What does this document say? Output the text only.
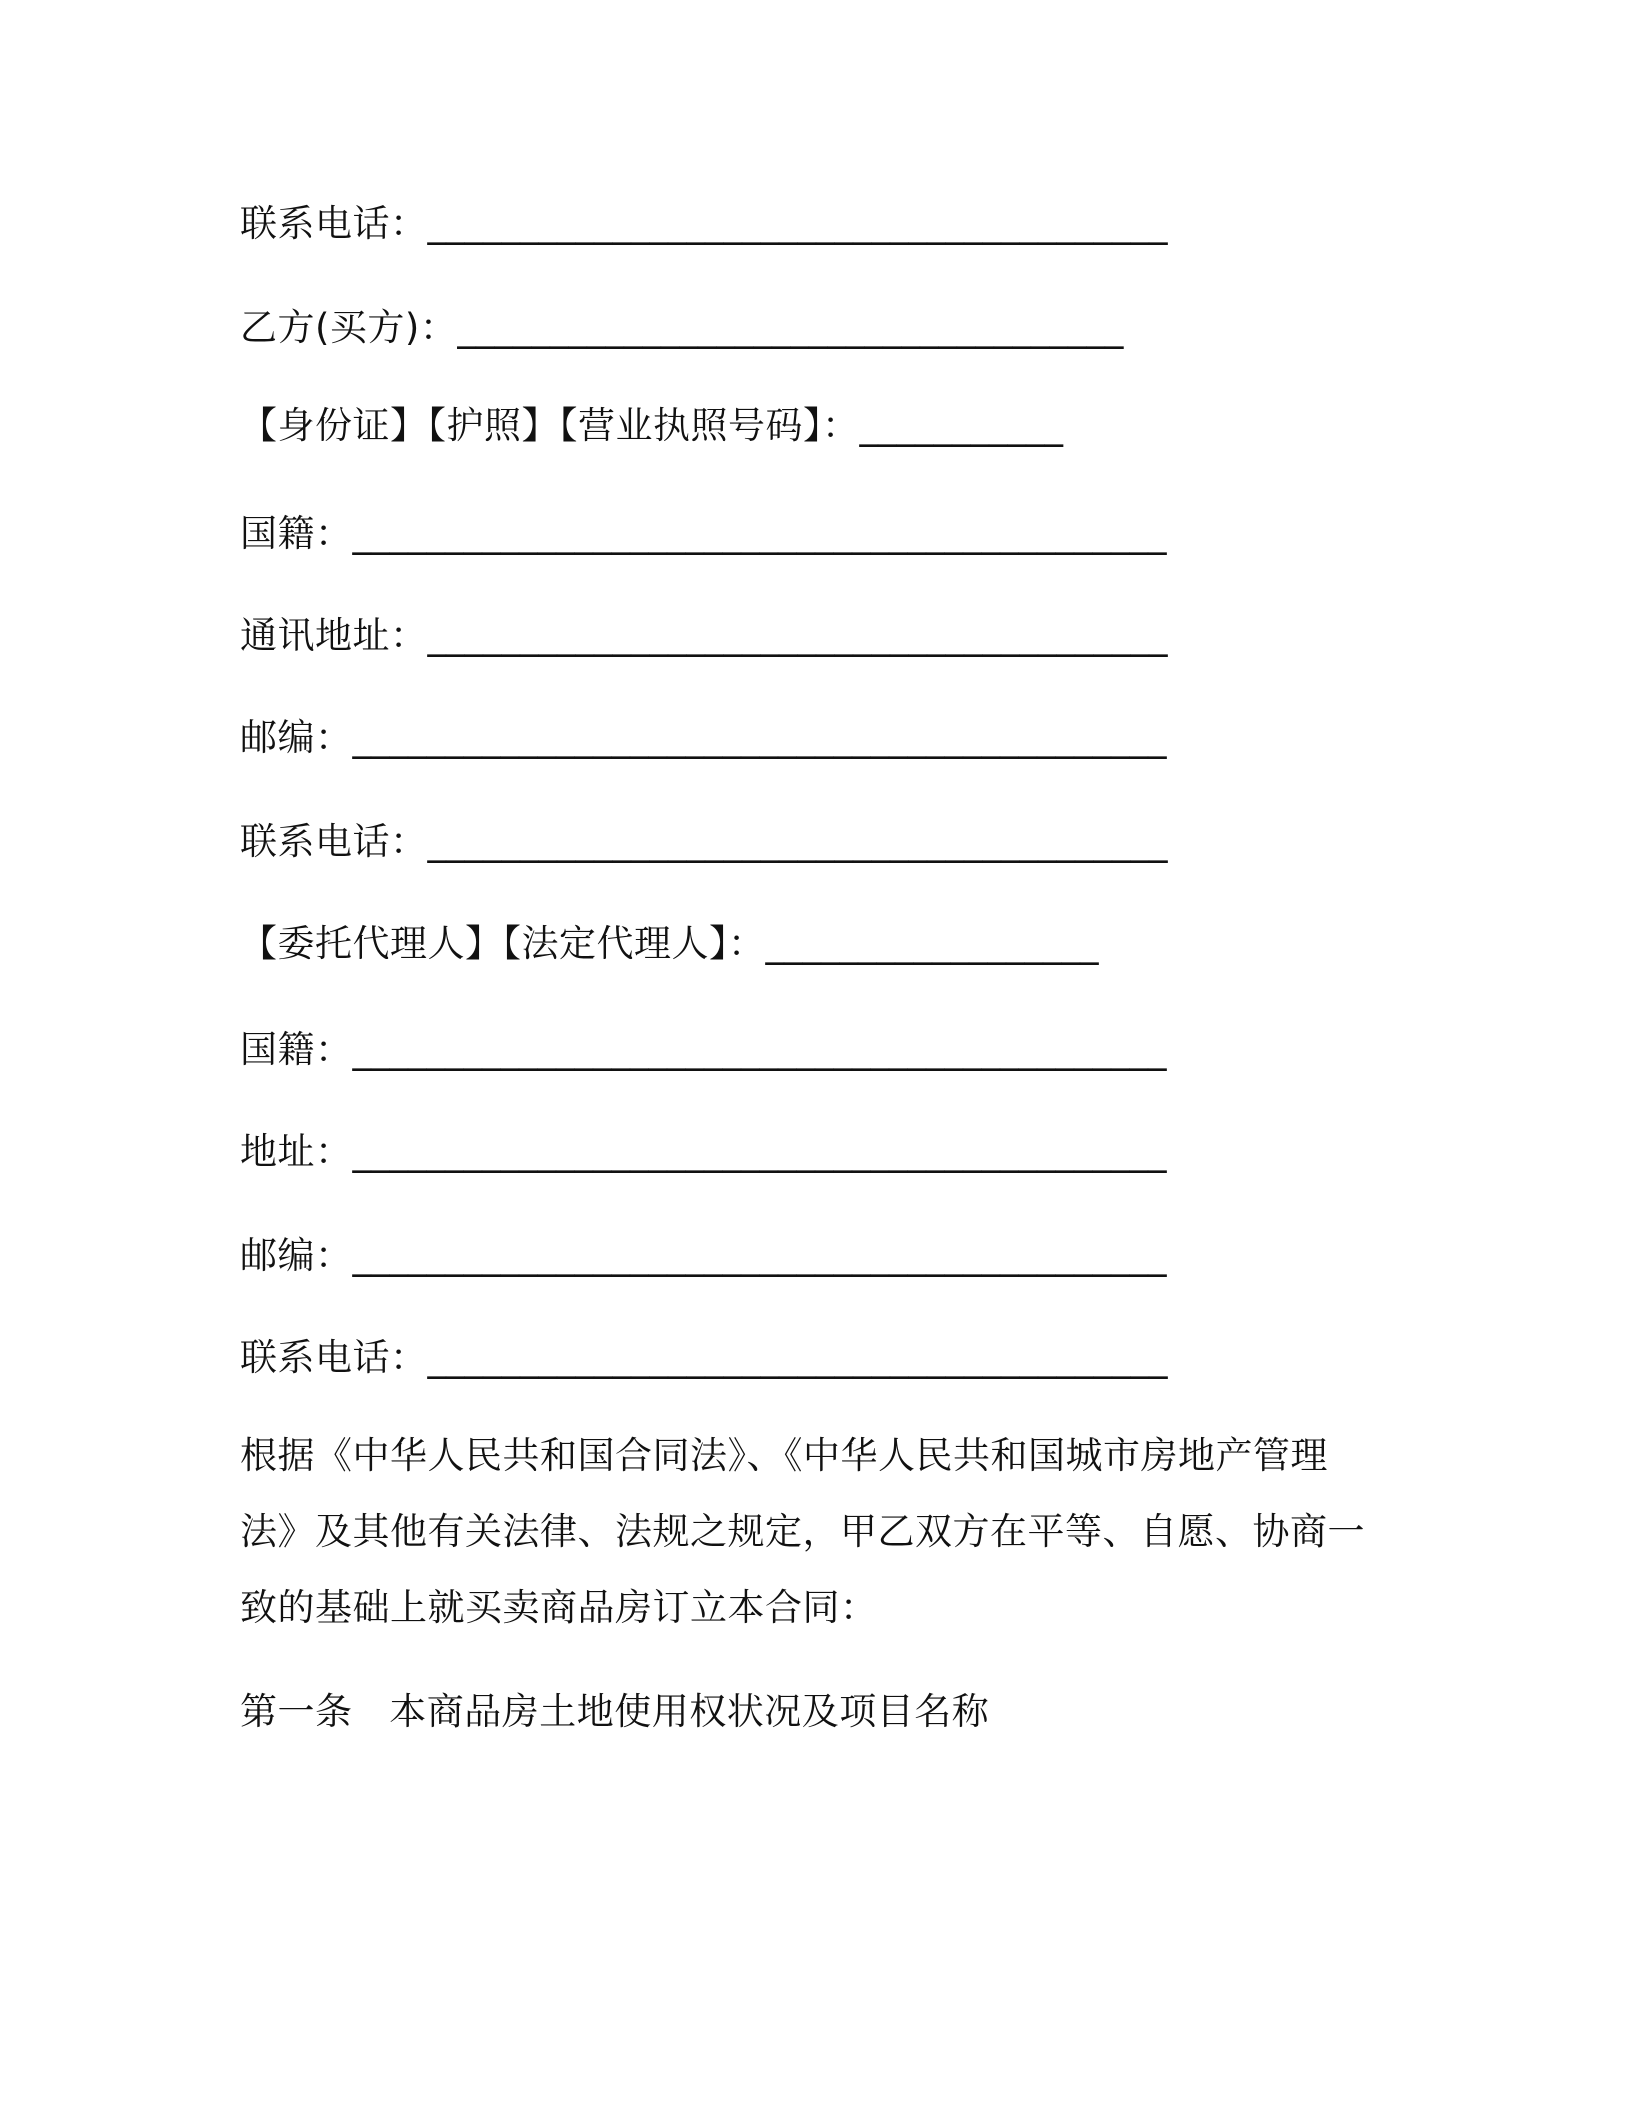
联系电话：________________________________________
乙方(买方)：____________________________________
【身份证】【护照】【营业执照号码】：___________
国籍：____________________________________________
通讯地址：________________________________________
邮编：____________________________________________
联系电话：________________________________________
【委托代理人】【法定代理人】：__________________
国籍：____________________________________________
地址：____________________________________________
邮编：____________________________________________
联系电话：________________________________________
根据《中华人民共和国合同法》、《中华人民共和国城市房地产管理法》及其他有关法律、法规之规定，甲乙双方在平等、自愿、协商一致的基础上就买卖商品房订立本合同：
第一条 本商品房土地使用权状况及项目名称
